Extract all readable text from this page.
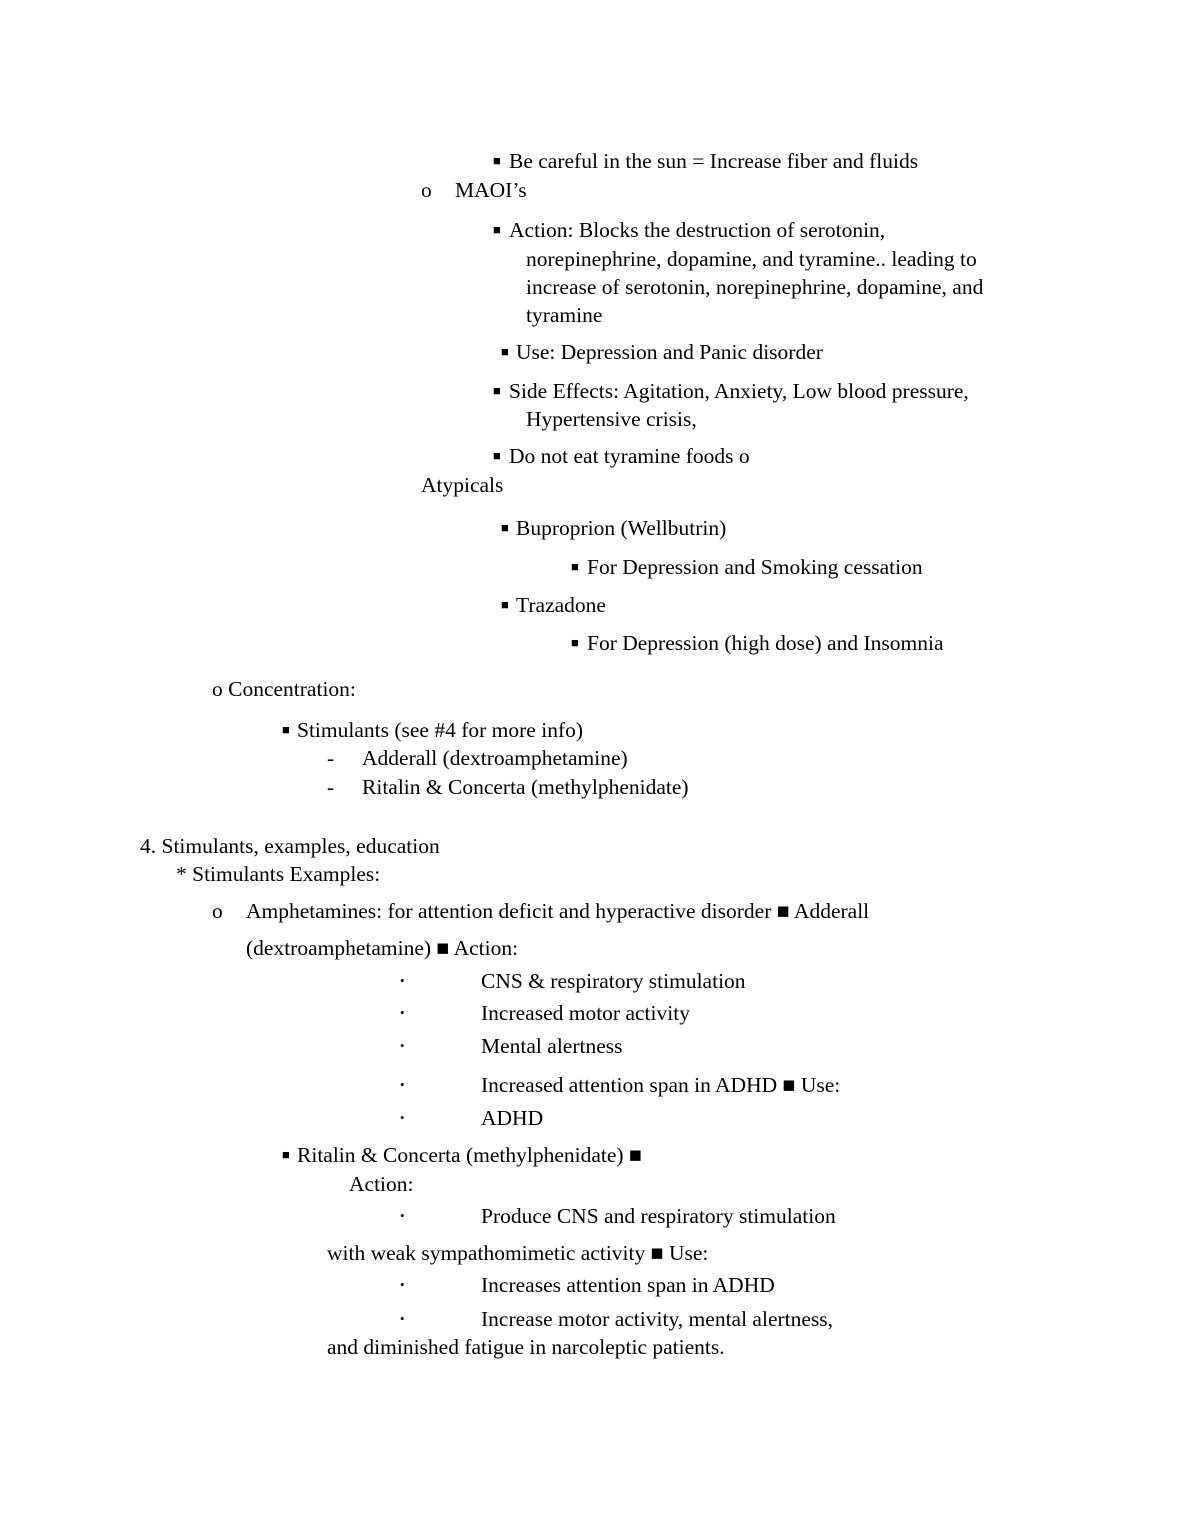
■ Be careful in the sun = Increase fiber and fluids
o MAOI’s
■ Action: Blocks the destruction of serotonin,
norepinephrine, dopamine, and tyramine.. leading to
increase of serotonin, norepinephrine, dopamine, and
tyramine
■ Use: Depression and Panic disorder
■ Side Effects: Agitation, Anxiety, Low blood pressure,
Hypertensive crisis,
■ Do not eat tyramine foods o
Atypicals
■ Buproprion (Wellbutrin)
■ For Depression and Smoking cessation
■ Trazadone
■ For Depression (high dose) and Insomnia
o Concentration:
■ Stimulants (see #4 for more info)
- Adderall (dextroamphetamine)
- Ritalin & Concerta (methylphenidate)
4. Stimulants, examples, education
* Stimulants Examples:
o Amphetamines: for attention deficit and hyperactive disorder ■ Adderall
(dextroamphetamine) ■ Action:
•	CNS & respiratory stimulation
•	Increased motor activity
•	Mental alertness
•	Increased attention span in ADHD ■ Use:
•	ADHD
■ Ritalin & Concerta (methylphenidate) ■
Action:
•	Produce CNS and respiratory stimulation
with weak sympathomimetic activity ■ Use:
•	Increases attention span in ADHD
•	Increase motor activity, mental alertness,
and diminished fatigue in narcoleptic patients.
